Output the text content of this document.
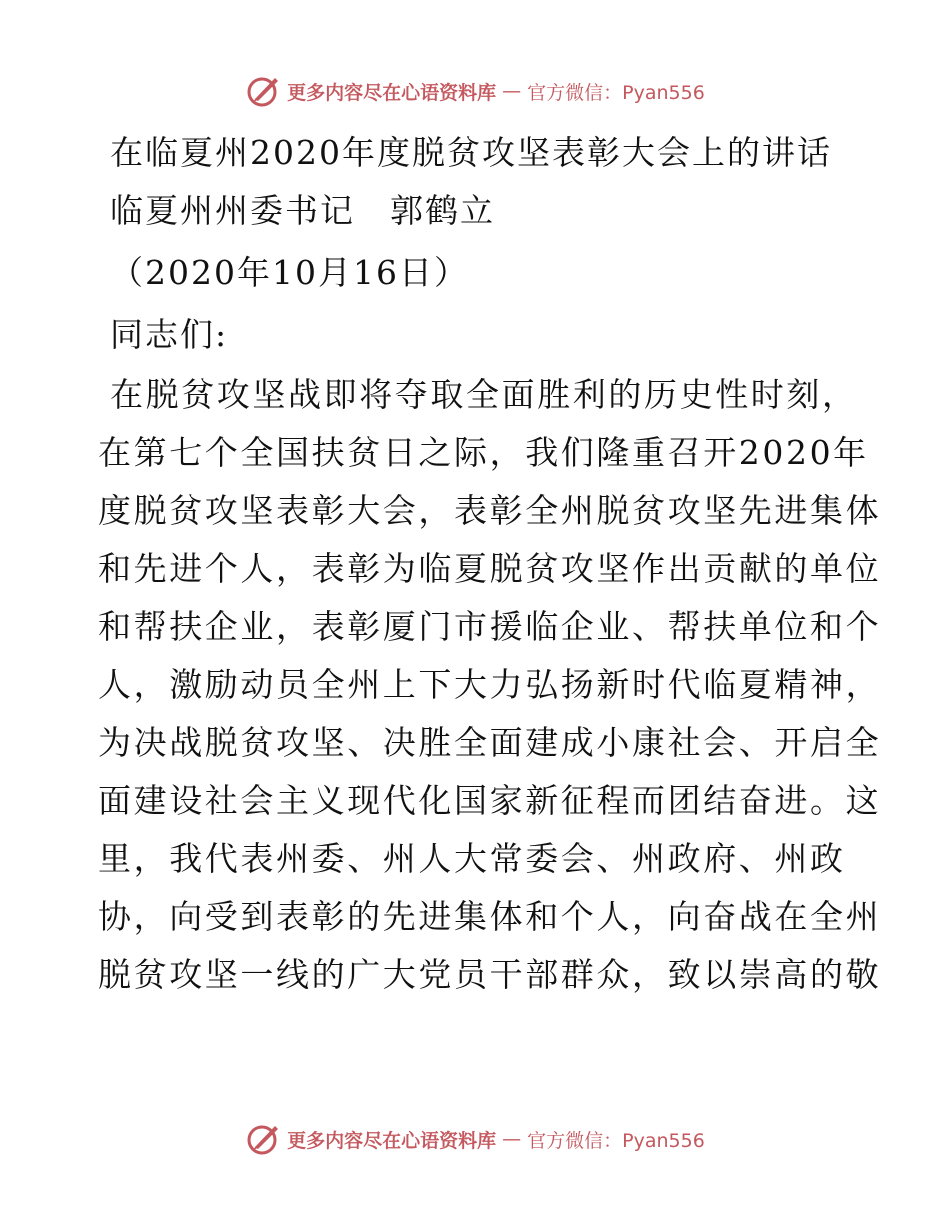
更多内容尽在心语资料库 — 官方微信：Pyan556
在临夏州2020年度脱贫攻坚表彰大会上的讲话
临夏州州委书记　郭鹤立
（2020年10月16日）
同志们:
在脱贫攻坚战即将夺取全面胜利的历史性时刻，
在第七个全国扶贫日之际，我们隆重召开2020年
度脱贫攻坚表彰大会，表彰全州脱贫攻坚先进集体
和先进个人，表彰为临夏脱贫攻坚作出贡献的单位
和帮扶企业，表彰厦门市援临企业、帮扶单位和个
人，激励动员全州上下大力弘扬新时代临夏精神，
为决战脱贫攻坚、决胜全面建成小康社会、开启全
面建设社会主义现代化国家新征程而团结奋进。这
里，我代表州委、州人大常委会、州政府、州政
协，向受到表彰的先进集体和个人，向奋战在全州
脱贫攻坚一线的广大党员干部群众，致以崇高的敬
更多内容尽在心语资料库 — 官方微信：Pyan556
